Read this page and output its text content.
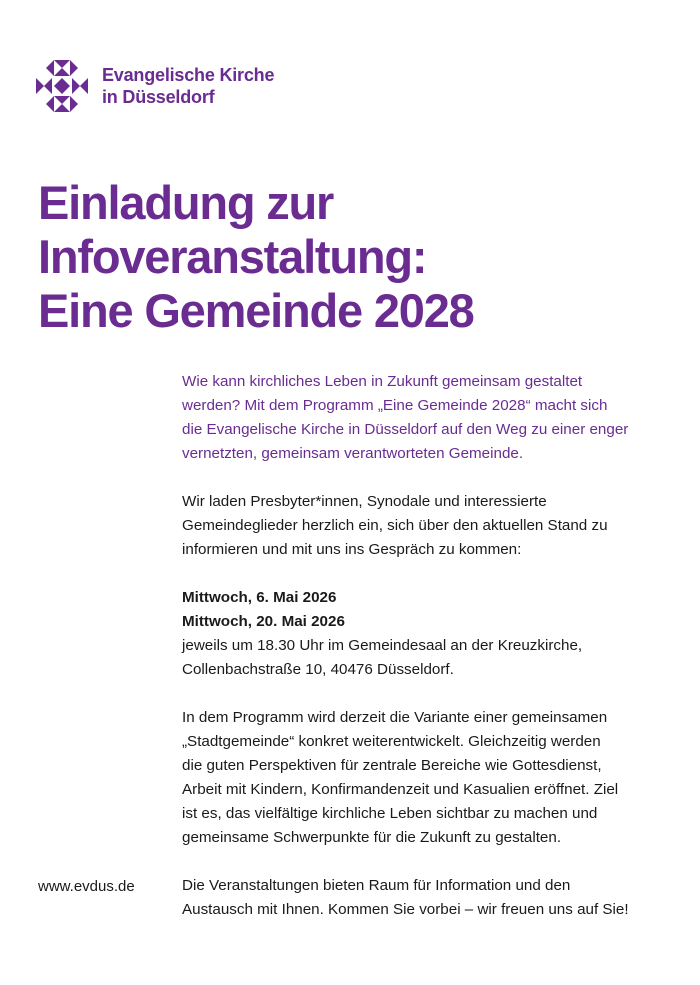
Evangelische Kirche
in Düsseldorf
Einladung zur
Infoveranstaltung:
Eine Gemeinde 2028

Wie kann kirchliches Leben in Zukunft gemeinsam gestaltet
werden? Mit dem Programm „Eine Gemeinde 2028“ macht sich
die Evangelische Kirche in Düsseldorf auf den Weg zu einer enger
vernetzten, gemeinsam verantworteten Gemeinde.

Wir laden Presbyter*innen, Synodale und interessierte
Gemeindeglieder herzlich ein, sich über den aktuellen Stand zu
informieren und mit uns ins Gespräch zu kommen:

Mittwoch, 6. Mai 2026
Mittwoch, 20. Mai 2026
jeweils um 18.30 Uhr im Gemeindesaal an der Kreuzkirche,
Collenbachstraße 10, 40476 Düsseldorf.

In dem Programm wird derzeit die Variante einer gemeinsamen
„Stadtgemeinde“ konkret weiterentwickelt. Gleichzeitig werden
die guten Perspektiven für zentrale Bereiche wie Gottesdienst,
Arbeit mit Kindern, Konfirmandenzeit und Kasualien eröffnet. Ziel
ist es, das vielfältige kirchliche Leben sichtbar zu machen und
gemeinsame Schwerpunkte für die Zukunft zu gestalten.

Die Veranstaltungen bieten Raum für Information und den
Austausch mit Ihnen. Kommen Sie vorbei – wir freuen uns auf Sie!

www.evdus.de
